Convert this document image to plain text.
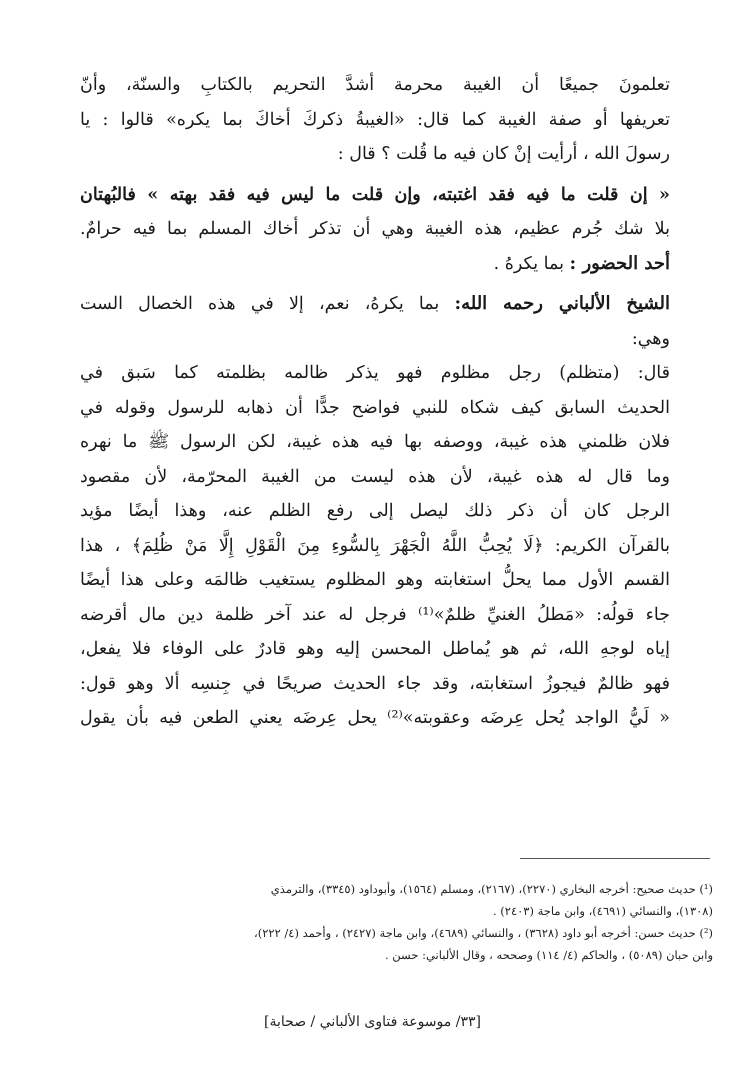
تعلمونَ جميعًا أن الغيبة محرمة أشدَّ التحريم بالكتابِ والسنّة، وأنّ
تعريفها أو صفة الغيبة كما قال: «الغيبةُ ذكركَ أخاكَ بما يكره» قالوا : يا
رسولَ الله ، أرأيت إنْ كان فيه ما قُلت ؟ قال :
« إن قلت ما فيه فقد اغتبته، وإن قلت ما ليس فيه فقد بهته » فالبُهتان
بلا شك جُرم عظيم، هذه الغيبة وهي أن تذكر أخاك المسلم بما فيه حرامٌ.
أحد الحضور : بما يكرهُ .
الشيخ الألباني رحمه الله: بما يكرهُ، نعم، إلا في هذه الخصال الست
وهي:
قال: (متظلم) رجل مظلوم فهو يذكر ظالمه بظلمته كما سَبق في
الحديث السابق كيف شكاه للنبي فواضح جدًّا أن ذهابه للرسول وقوله في
فلان ظلمني هذه غيبة، ووصفه بها فيه هذه غيبة، لكن الرسول ﷺ ما نهره
وما قال له هذه غيبة، لأن هذه ليست من الغيبة المحرّمة، لأن مقصود
الرجل كان أن ذكر ذلك ليصل إلى رفع الظلم عنه، وهذا أيضًا مؤيد
بالقرآن الكريم: ﴿لَا يُحِبُّ اللَّهُ الْجَهْرَ بِالسُّوءِ مِنَ الْقَوْلِ إِلَّا مَنْ ظُلِمَ﴾ ، هذا
القسم الأول مما يحلُّ استغابته وهو المظلوم يستغيب ظالمَه وعلى هذا أيضًا
جاء قولُه: «مَطلُ الغنيِّ ظلمٌ»⁽¹⁾ فرجل له عند آخر ظلمة دين مال أقرضه
إياه لوجهِ الله، ثم هو يُماطل المحسن إليه وهو قادرٌ على الوفاء فلا يفعل،
فهو ظالمٌ فيجوزُ استغابته، وقد جاء الحديث صريحًا في جِنسِه ألا وهو قول:
« لَيُّ الواجد يُحل عِرضَه وعقوبته»⁽²⁾ يحل عِرضَه يعني الطعن فيه بأن يقول
(¹) حديث صحيح: أخرجه البخاري (٢٢٧٠)، (٢١٦٧)، ومسلم (١٥٦٤)، وأبوداود (٣٣٤٥)، والترمذي
(١٣٠٨)، والنسائي (٤٦٩١)، وابن ماجة (٢٤٠٣) .
(²) حديث حسن: أخرجه أبو داود (٣٦٢٨) ، والنسائي (٤٦٨٩)، وابن ماجة (٢٤٢٧) ، وأحمد (٤/ ٢٢٢)،
وابن حبان (٥٠٨٩) ، والحاكم (٤/ ١١٤) وصححه ، وقال الألباني: حسن .
[٣٣/ موسوعة فتاوى الألباني / صحابة]
